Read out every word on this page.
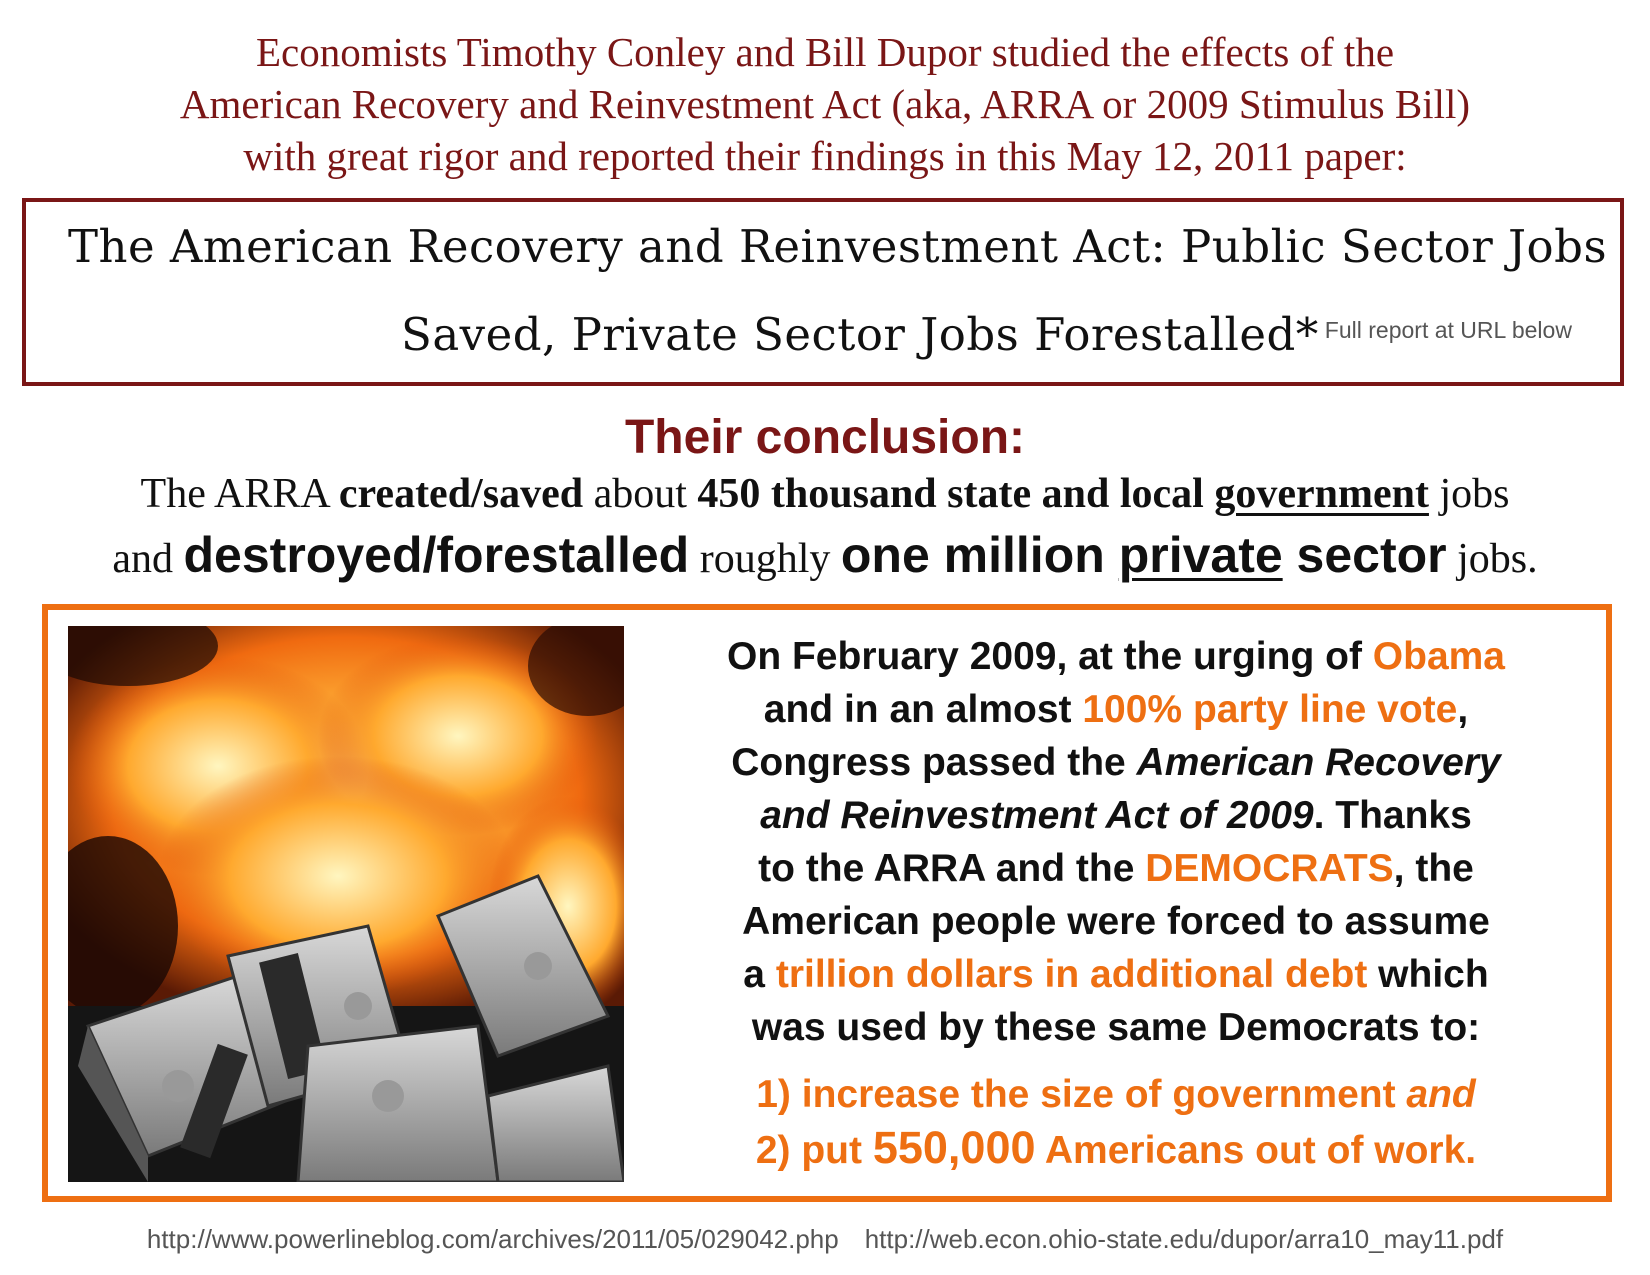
Economists Timothy Conley and Bill Dupor studied the effects of the
American Recovery and Reinvestment Act (aka, ARRA or 2009 Stimulus Bill)
with great rigor and reported their findings in this May 12, 2011 paper:
The American Recovery and Reinvestment Act: Public Sector Jobs
Saved, Private Sector Jobs Forestalled* $^{Full report at URL below}$
Their conclusion:
The ARRA created/saved about 450 thousand state and local government jobs
and destroyed/forestalled roughly one million private sector jobs.
On February 2009, at the urging of Obama
and in an almost 100% party line vote,
Congress passed the American Recovery
and Reinvestment Act of 2009. Thanks
to the ARRA and the DEMOCRATS, the
American people were forced to assume
a trillion dollars in additional debt which
was used by these same Democrats to:
1) increase the size of government and
2) put 550,000 Americans out of work.
http://www.powerlineblog.com/archives/2011/05/029042.php http://web.econ.ohio-state.edu/dupor/arra10_may11.pdf
